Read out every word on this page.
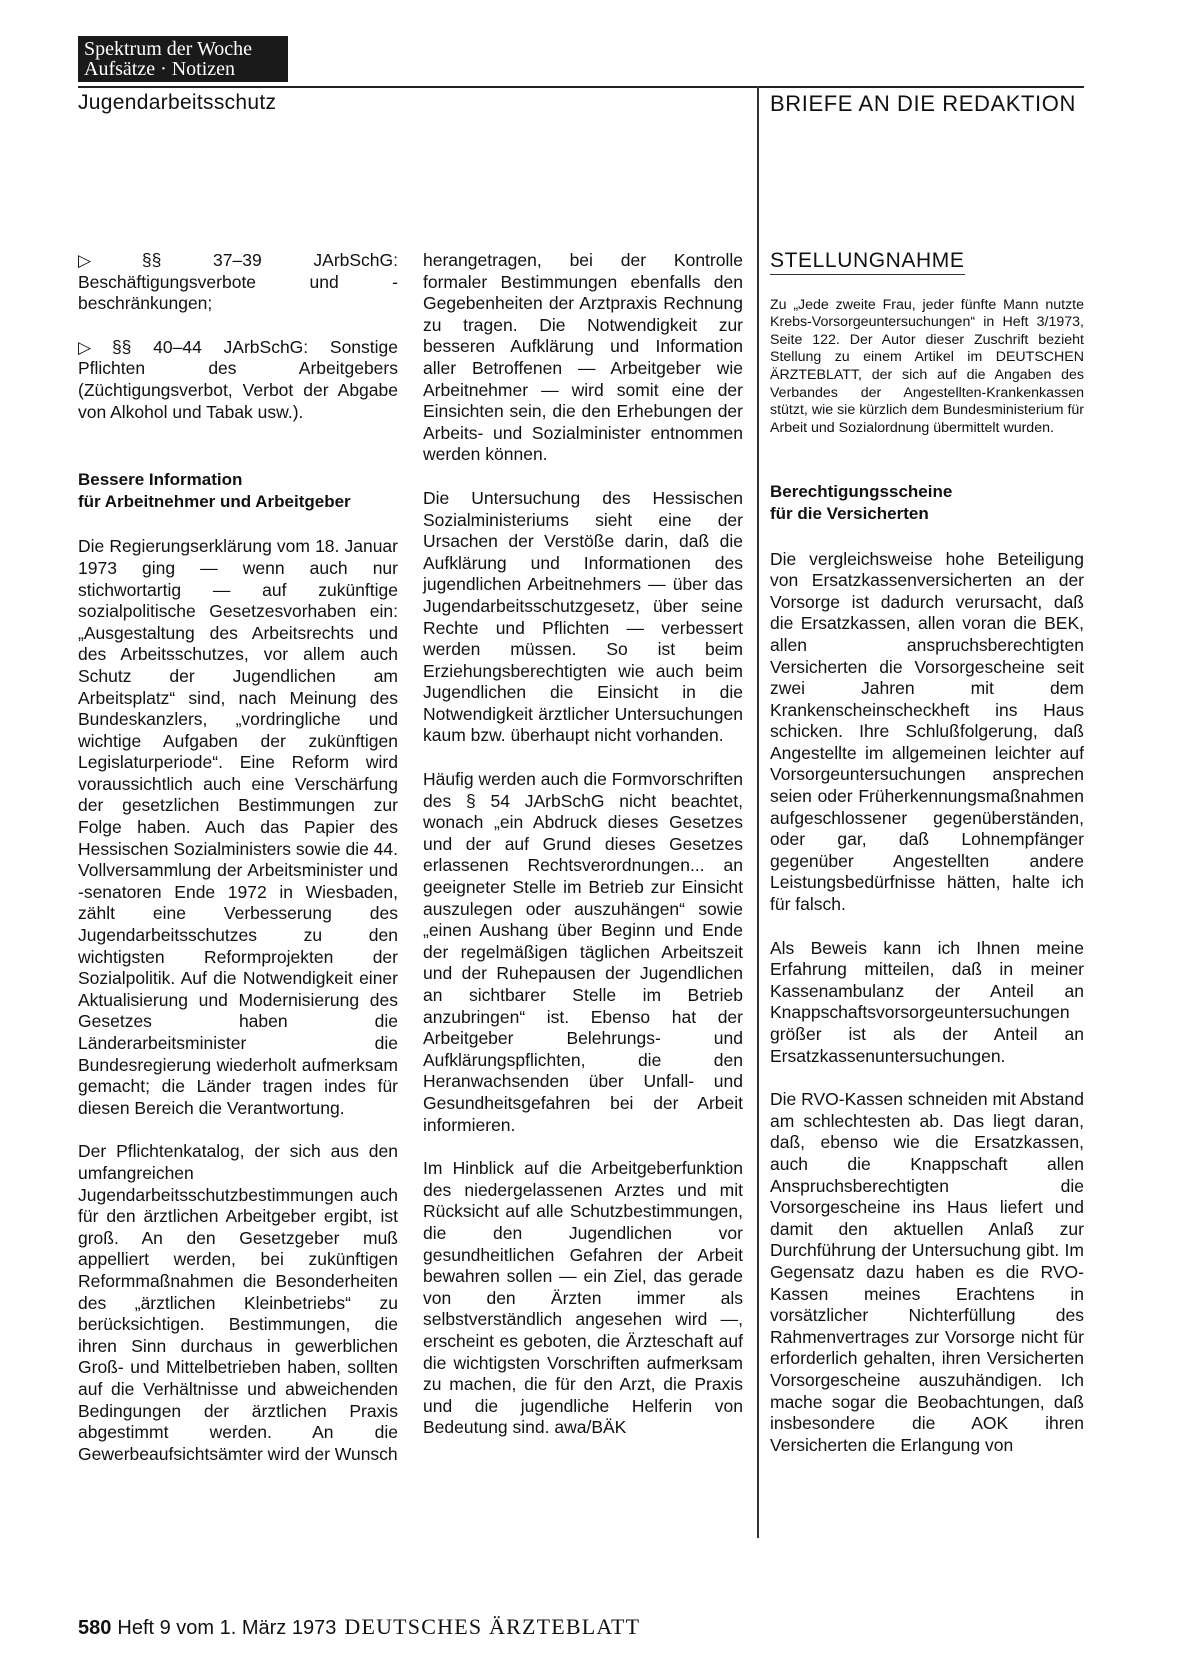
Spektrum der Woche
Aufsätze · Notizen
Jugendarbeitsschutz	BRIEFE AN DIE REDAKTION

▷ §§ 37–39 JArbSchG: Beschäftigungsverbote und -beschränkungen;

▷ §§ 40–44 JArbSchG: Sonstige Pflichten des Arbeitgebers (Züchtigungsverbot, Verbot der Abgabe von Alkohol und Tabak usw.).

Bessere Information

für Arbeitnehmer und Arbeitgeber

Die Regierungserklärung vom 18. Januar 1973 ging — wenn auch nur stichwortartig — auf zukünftige sozialpolitische Gesetzesvorhaben ein: „Ausgestaltung des Arbeitsrechts und des Arbeitsschutzes, vor allem auch Schutz der Jugendlichen am Arbeitsplatz“ sind, nach Meinung des Bundeskanzlers, „vordringliche und wichtige Aufgaben der zukünftigen Legislaturperiode“. Eine Reform wird voraussichtlich auch eine Verschärfung der gesetzlichen Bestimmungen zur Folge haben. Auch das Papier des Hessischen Sozialministers sowie die 44. Vollversammlung der Arbeitsminister und -senatoren Ende 1972 in Wiesbaden, zählt eine Verbesserung des Jugendarbeitsschutzes zu den wichtigsten Reformprojekten der Sozialpolitik. Auf die Notwendigkeit einer Aktualisierung und Modernisierung des Gesetzes haben die Länderarbeitsminister die Bundesregierung wiederholt aufmerksam gemacht; die Länder tragen indes für diesen Bereich die Verantwortung.

Der Pflichtenkatalog, der sich aus den umfangreichen Jugendarbeitsschutzbestimmungen auch für den ärztlichen Arbeitgeber ergibt, ist groß. An den Gesetzgeber muß appelliert werden, bei zukünftigen Reformmaßnahmen die Besonderheiten des „ärztlichen Kleinbetriebs“ zu berücksichtigen. Bestimmungen, die ihren Sinn durchaus in gewerblichen Groß- und Mittelbetrieben haben, sollten auf die Verhältnisse und abweichenden Bedingungen der ärztlichen Praxis abgestimmt werden. An die Gewerbeaufsichtsämter wird der Wunsch

herangetragen, bei der Kontrolle formaler Bestimmungen ebenfalls den Gegebenheiten der Arztpraxis Rechnung zu tragen. Die Notwendigkeit zur besseren Aufklärung und Information aller Betroffenen — Arbeitgeber wie Arbeitnehmer — wird somit eine der Einsichten sein, die den Erhebungen der Arbeits- und Sozialminister entnommen werden können.

Die Untersuchung des Hessischen Sozialministeriums sieht eine der Ursachen der Verstöße darin, daß die Aufklärung und Informationen des jugendlichen Arbeitnehmers — über das Jugendarbeitsschutzgesetz, über seine Rechte und Pflichten — verbessert werden müssen. So ist beim Erziehungsberechtigten wie auch beim Jugendlichen die Einsicht in die Notwendigkeit ärztlicher Untersuchungen kaum bzw. überhaupt nicht vorhanden.

Häufig werden auch die Formvorschriften des § 54 JArbSchG nicht beachtet, wonach „ein Abdruck dieses Gesetzes und der auf Grund dieses Gesetzes erlassenen Rechtsverordnungen... an geeigneter Stelle im Betrieb zur Einsicht auszulegen oder auszuhängen“ sowie „einen Aushang über Beginn und Ende der regelmäßigen täglichen Arbeitszeit und der Ruhepausen der Jugendlichen an sichtbarer Stelle im Betrieb anzubringen“ ist. Ebenso hat der Arbeitgeber Belehrungs- und Aufklärungspflichten, die den Heranwachsenden über Unfall- und Gesundheitsgefahren bei der Arbeit informieren.

Im Hinblick auf die Arbeitgeberfunktion des niedergelassenen Arztes und mit Rücksicht auf alle Schutzbestimmungen, die den Jugendlichen vor gesundheitlichen Gefahren der Arbeit bewahren sollen — ein Ziel, das gerade von den Ärzten immer als selbstverständlich angesehen wird —, erscheint es geboten, die Ärzteschaft auf die wichtigsten Vorschriften aufmerksam zu machen, die für den Arzt, die Praxis und die jugendliche Helferin von Bedeutung sind. awa/BÄK

STELLUNGNAHME

Zu „Jede zweite Frau, jeder fünfte Mann nutzte Krebs-Vorsorgeuntersuchungen“ in Heft 3/1973, Seite 122. Der Autor dieser Zuschrift bezieht Stellung zu einem Artikel im DEUTSCHEN ÄRZTEBLATT, der sich auf die Angaben des Verbandes der Angestellten-Krankenkassen stützt, wie sie kürzlich dem Bundesministerium für Arbeit und Sozialordnung übermittelt wurden.

Berechtigungsscheine

für die Versicherten

Die vergleichsweise hohe Beteiligung von Ersatzkassenversicherten an der Vorsorge ist dadurch verursacht, daß die Ersatzkassen, allen voran die BEK, allen anspruchsberechtigten Versicherten die Vorsorgescheine seit zwei Jahren mit dem Krankenscheinscheckheft ins Haus schicken. Ihre Schlußfolgerung, daß Angestellte im allgemeinen leichter auf Vorsorgeuntersuchungen ansprechen seien oder Früherkennungsmaßnahmen aufgeschlossener gegenüberständen, oder gar, daß Lohnempfänger gegenüber Angestellten andere Leistungsbedürfnisse hätten, halte ich für falsch.

Als Beweis kann ich Ihnen meine Erfahrung mitteilen, daß in meiner Kassenambulanz der Anteil an Knappschaftsvorsorgeuntersuchungen größer ist als der Anteil an Ersatzkassenuntersuchungen.

Die RVO-Kassen schneiden mit Abstand am schlechtesten ab. Das liegt daran, daß, ebenso wie die Ersatzkassen, auch die Knappschaft allen Anspruchsberechtigten die Vorsorgescheine ins Haus liefert und damit den aktuellen Anlaß zur Durchführung der Untersuchung gibt. Im Gegensatz dazu haben es die RVO-Kassen meines Erachtens in vorsätzlicher Nichterfüllung des Rahmenvertrages zur Vorsorge nicht für erforderlich gehalten, ihren Versicherten Vorsorgescheine auszuhändigen. Ich mache sogar die Beobachtungen, daß insbesondere die AOK ihren Versicherten die Erlangung von

580 Heft 9 vom 1. März 1973 DEUTSCHES ÄRZTEBLATT
